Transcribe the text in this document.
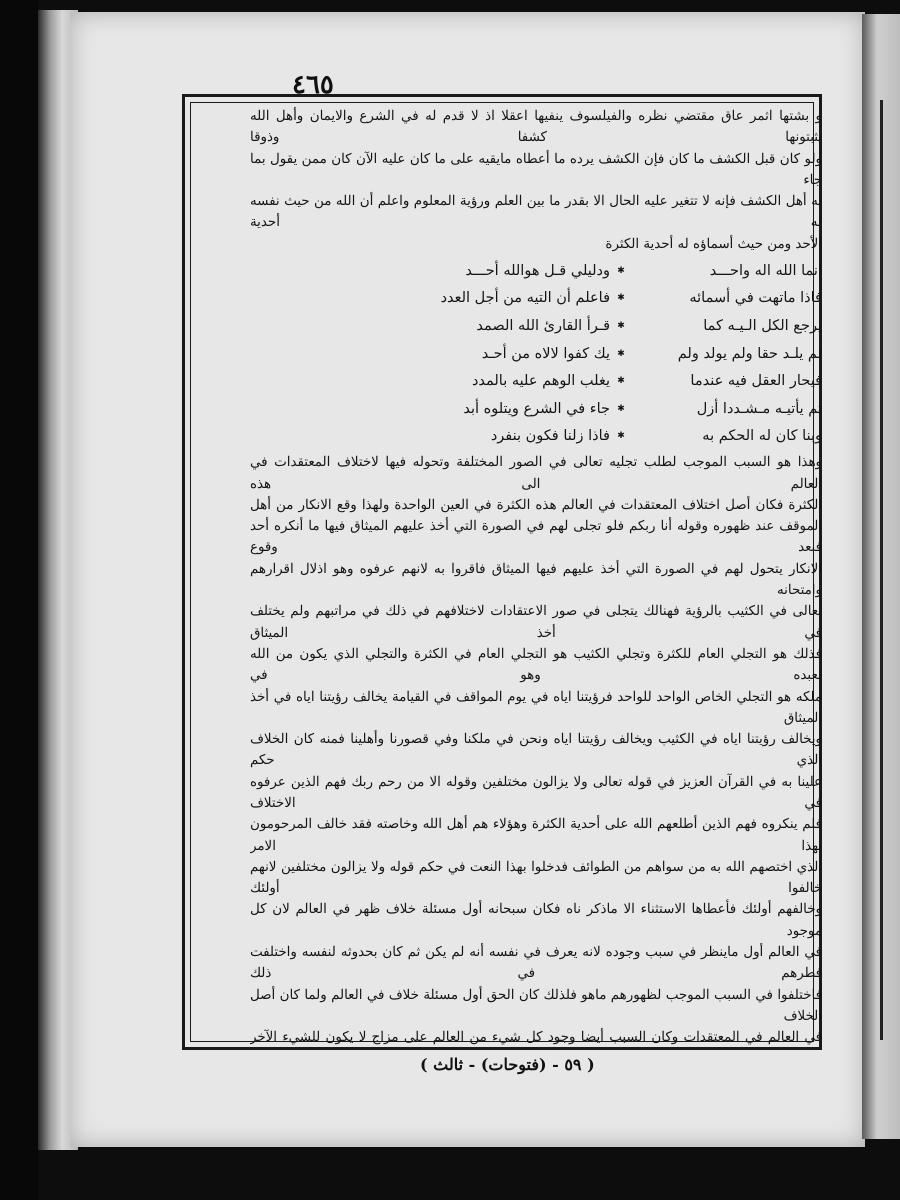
٤٦٥

و بشتها اثمر عاق مقتضي نظره والفيلسوف ينفيها اعقلا اذ لا قدم له في الشرع والايمان وأهل الله يثبتونها كشفا وذوقا

ولو كان قبل الكشف ما كان فإن الكشف يرده ما أعطاه مايقيه على ما كان عليه الآن كان ممن يقول بما جاء

به أهل الكشف فإنه لا تتغير عليه الحال الا بقدر ما بين العلم ورؤية المعلوم واعلم أن الله من حيث نفسه له أحدية

الأحد ومن حيث أسماؤه له أحدية الكثرة

انما الله اله واحـــد
✱
ودليلي قـل هوالله أحـــد
فاذا ماتهت في أسمائه
✱
فاعلم أن التيه من أجل العدد
يرجع الكل الـيـه كما
✱
قـرأ القارئ الله الصمد
لم يلـد حقا ولم يولد ولم
✱
يك كفوا لالاه من أحـد
فيحار العقل فيه عندما
✱
يغلب الوهم عليه بالمدد
ثم يأتيـه مـشـددا أزل
✱
جاء في الشرع ويتلوه أبد
وبنا كان له الحكم به
✱
فاذا زلنا فكون بنفرد

وهذا هو السبب الموجب لطلب تجليه تعالى في الصور المختلفة وتحوله فيها لاختلاف المعتقدات في العالم الى هذه

الكثرة فكان أصل اختلاف المعتقدات في العالم هذه الكثرة في العين الواحدة ولهذا وقع الانكار من أهل

الموقف عند ظهوره وقوله أنا ربكم فلو تجلى لهم في الصورة التي أخذ عليهم الميثاق فيها ما أنكره أحد فبعد وقوع

الانكار يتحول لهم في الصورة التي أخذ عليهم فيها الميثاق فاقروا به لانهم عرفوه وهو اذلال اقرارهم وامتحانه

تعالى في الكثيب بالرؤية فهنالك يتجلى في صور الاعتقادات لاختلافهم في ذلك في مراتبهم ولم يختلف في أخذ الميثاق

فذلك هو التجلي العام للكثرة وتجلي الكثيب هو التجلي العام في الكثرة والتجلي الذي يكون من الله لعبده وهو في

ملكه هو التجلي الخاص الواحد للواحد فرؤيتنا اياه في يوم المواقف في القيامة يخالف رؤيتنا اياه في أخذ الميثاق

ويخالف رؤيتنا اياه في الكثيب ويخالف رؤيتنا اياه ونحن في ملكنا وفي قصورنا وأهلينا فمنه كان الخلاف الذي حكم

علينا به في القرآن العزيز في قوله تعالى ولا يزالون مختلفين وقوله الا من رحم ربك فهم الذين عرفوه في الاختلاف

فلم ينكروه فهم الذين أطلعهم الله على أحدية الكثرة وهؤلاء هم أهل الله وخاصته فقد خالف المرحومون بهذا الامر

الذي اختصهم الله به من سواهم من الطوائف فدخلوا بهذا النعت في حكم قوله ولا يزالون مختلفين لانهم خالفوا أولئك

وخالفهم أولئك فأعطاها الاستثناء الا ماذكر ناه فكان سبحانه أول مسئلة خلاف ظهر في العالم لان كل موجود

في العالم أول ماينظر في سبب وجوده لانه يعرف في نفسه أنه لم يكن ثم كان بحدوثه لنفسه واختلفت فطرهم في ذلك

فاختلفوا في السبب الموجب لظهورهم ماهو فلذلك كان الحق أول مسئلة خلاف في العالم ولما كان أصل الخلاف

في العالم في المعتقدات وكان السبب أيضا وجود كل شيء من العالم على مزاج لا يكون للشيء الآخر

( ٥٩ - (فتوحات) - ثالث )
